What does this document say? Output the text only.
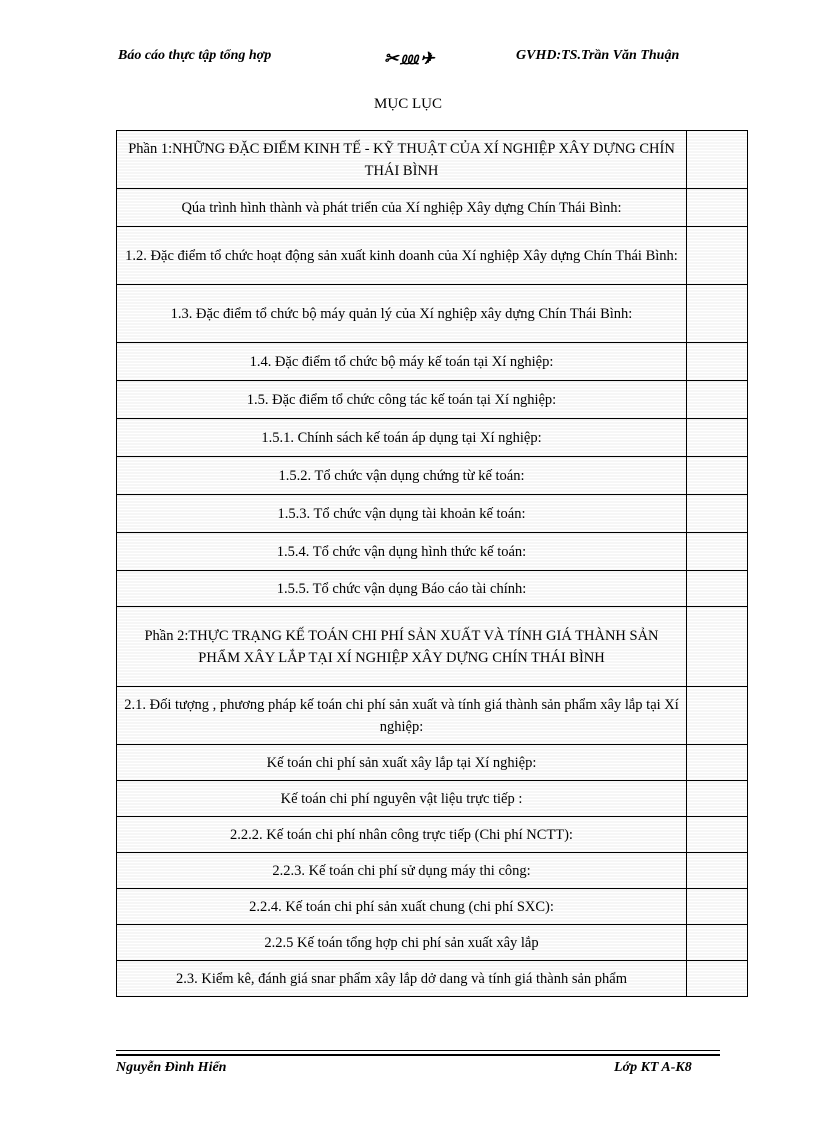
Báo cáo thực tập tổng hợp	✂ ⅏ ✈	GVHD:TS.Trần Văn Thuận
MỤC LỤC
Phần 1:NHỮNG ĐẶC ĐIỂM KINH TẾ - KỸ THUẬT CỦA XÍ NGHIỆP XÂY DỰNG CHÍN THÁI BÌNH	
Qúa trình hình thành và phát triển của Xí nghiệp Xây dựng Chín Thái Bình:	
1.2. Đặc điểm tổ chức hoạt động sản xuất kinh doanh của Xí nghiệp Xây dựng Chín Thái Bình:	
1.3. Đặc điểm tổ chức bộ máy quản lý của Xí nghiệp xây dựng Chín Thái Bình:	
1.4. Đặc điểm tổ chức bộ máy kế toán tại Xí nghiệp:	
1.5. Đặc điểm tổ chức công tác kế toán tại Xí nghiệp:	
1.5.1. Chính sách kế toán áp dụng tại Xí nghiệp:	
1.5.2. Tổ chức vận dụng chứng từ kế toán:	
1.5.3. Tổ chức vận dụng tài khoản kế toán:	
1.5.4. Tổ chức vận dụng hình thức kế toán:	
1.5.5. Tổ chức vận dụng Báo cáo tài chính:	
Phần 2:THỰC TRẠNG KẾ TOÁN CHI PHÍ SẢN XUẤT VÀ TÍNH GIÁ THÀNH SẢN PHẨM XÂY LẮP TẠI XÍ NGHIỆP XÂY DỰNG CHÍN THÁI BÌNH	
2.1. Đối tượng , phương pháp kế toán chi phí sản xuất và tính giá thành sản phẩm xây lắp tại Xí nghiệp:	
Kế toán chi phí sản xuất xây lắp tại Xí nghiệp:	
Kế toán chi phí nguyên vật liệu trực tiếp :	
2.2.2. Kế toán chi phí nhân công trực tiếp (Chi phí NCTT):	
2.2.3. Kế toán chi phí sử dụng máy thi công:	
2.2.4. Kế toán chi phí sản xuất chung (chi phí SXC):	
2.2.5 Kế toán tổng hợp chi phí sản xuất xây lắp	
2.3. Kiểm kê, đánh giá snar phẩm xây lắp dở dang và tính giá thành sản phẩm	
Nguyễn Đình Hiển	Lớp KT A-K8
